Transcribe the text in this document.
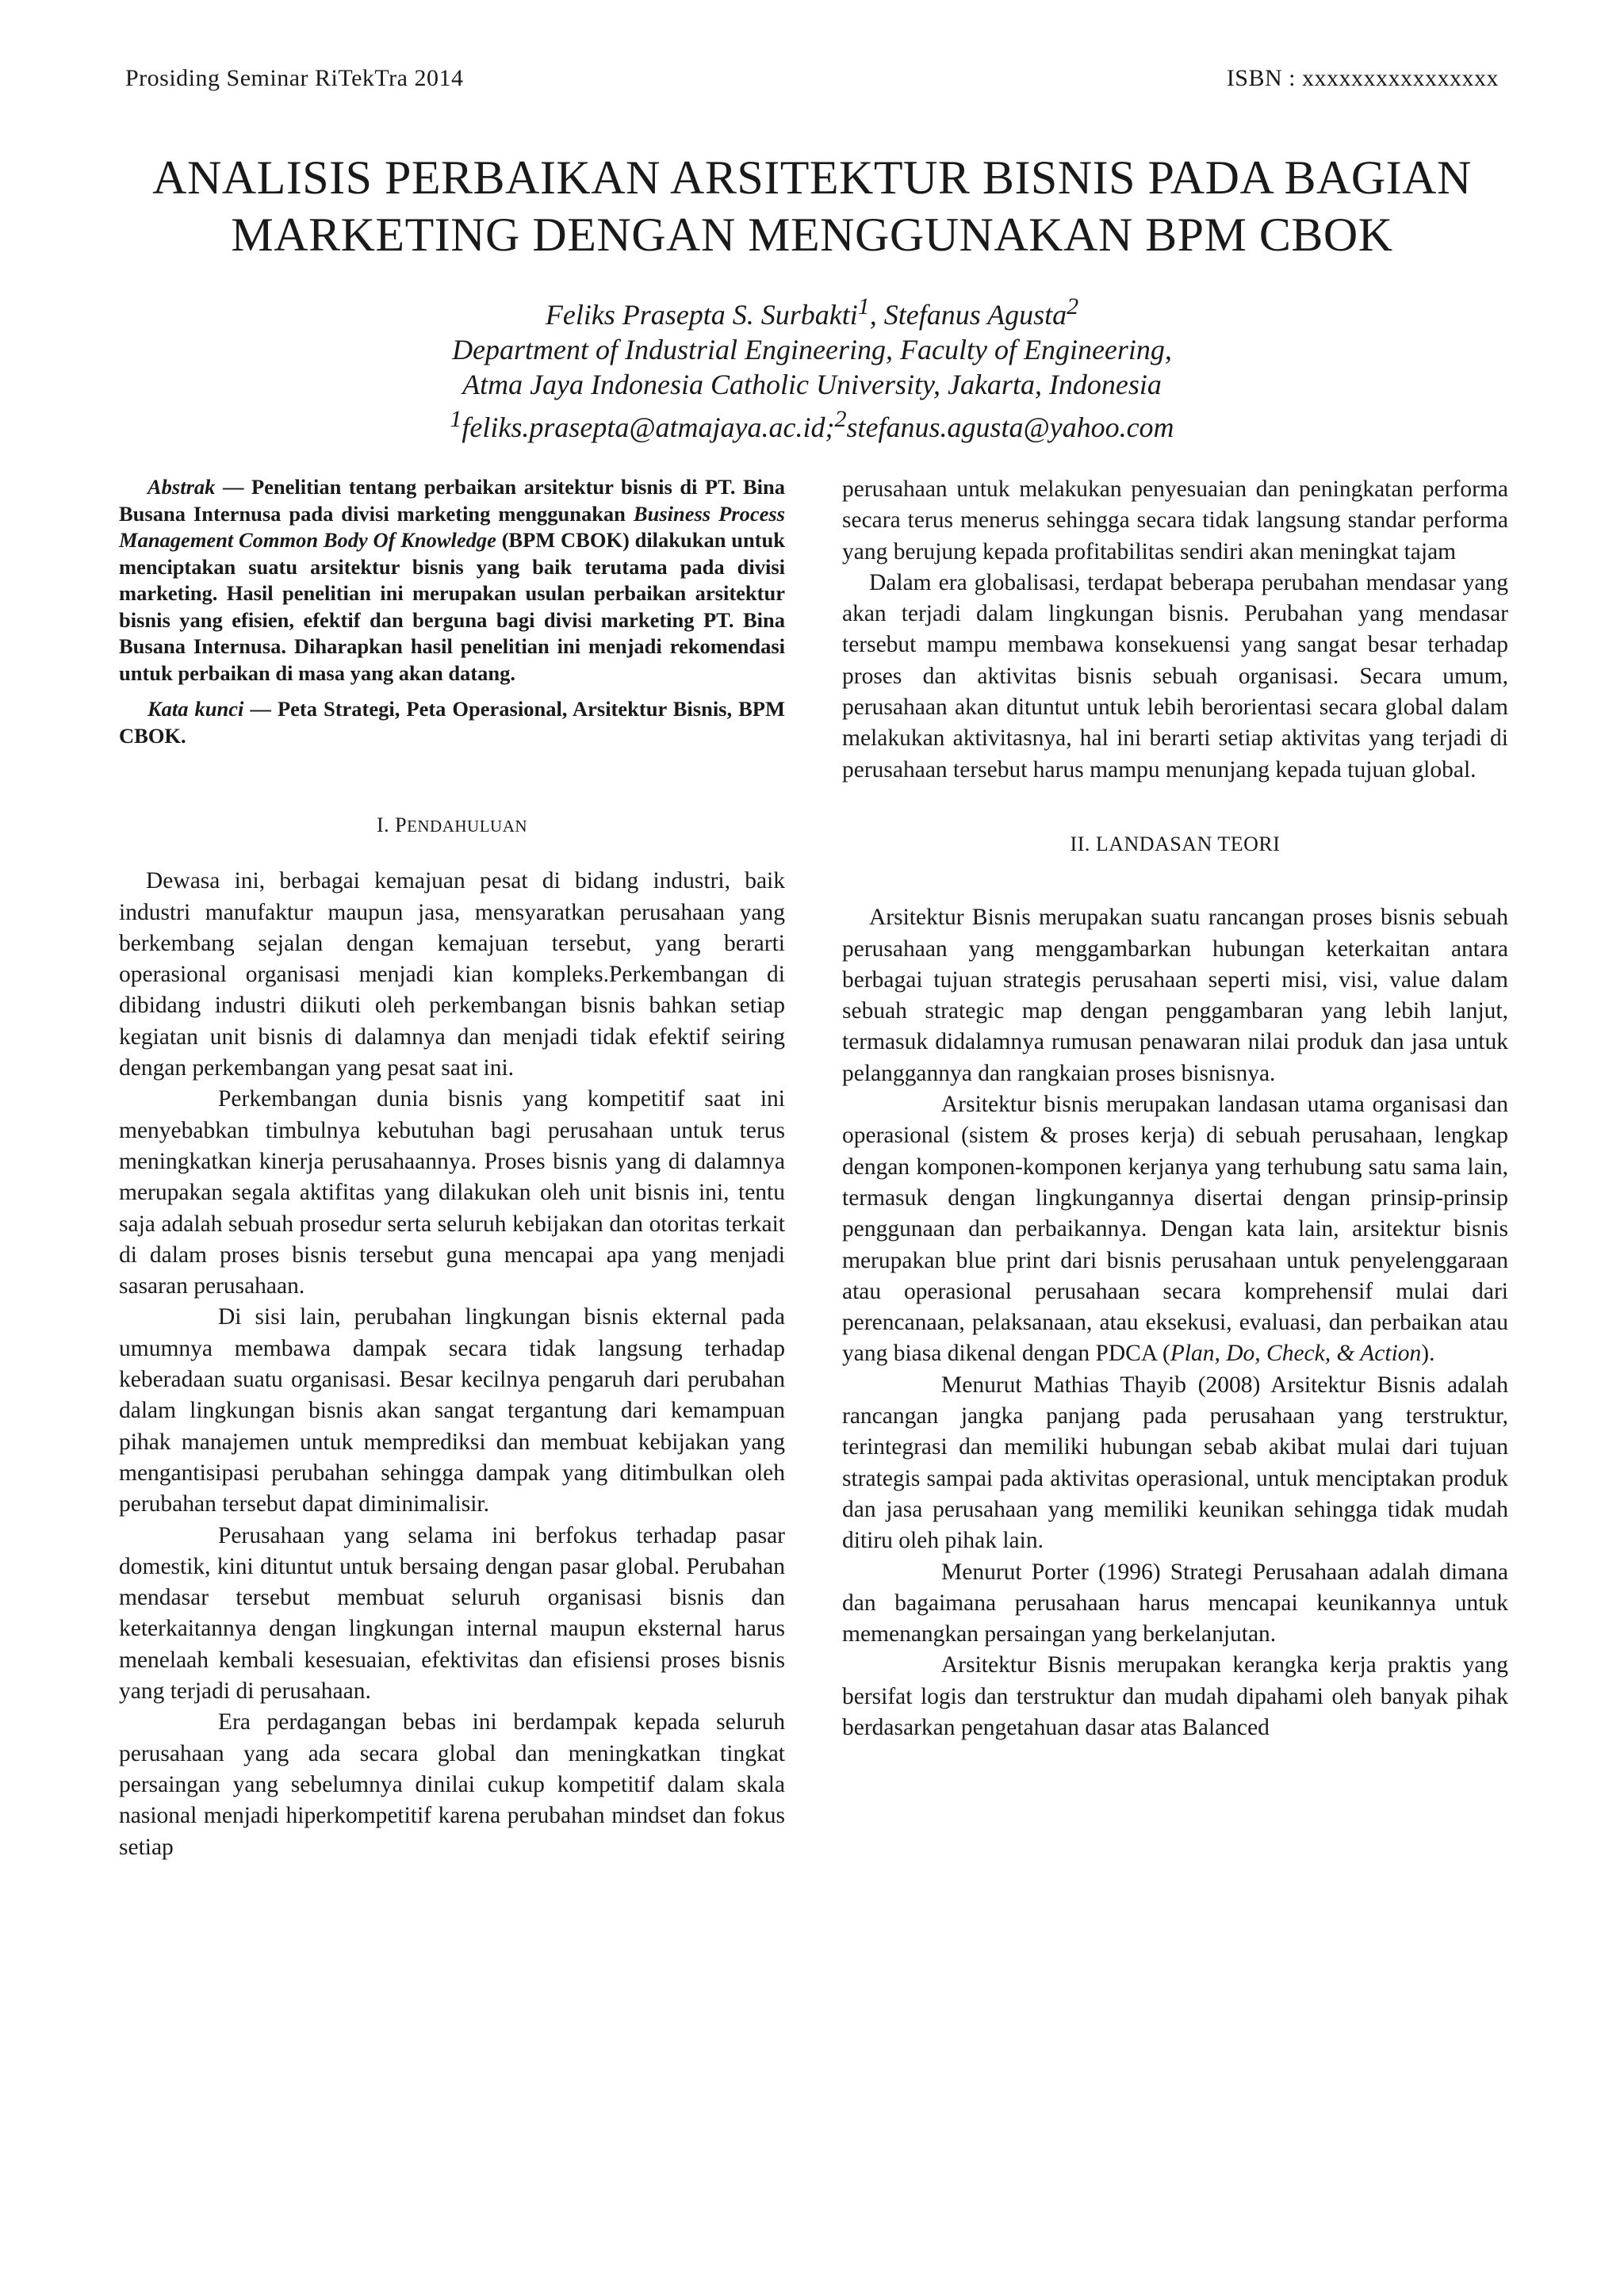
Prosiding Seminar RiTekTra 2014	ISBN : xxxxxxxxxxxxxxxx
ANALISIS PERBAIKAN ARSITEKTUR BISNIS PADA BAGIAN
MARKETING DENGAN MENGGUNAKAN BPM CBOK
Feliks Prasepta S. Surbakti$^1$, Stefanus Agusta$^2$
Department of Industrial Engineering, Faculty of Engineering,
Atma Jaya Indonesia Catholic University, Jakarta, Indonesia
$^1$feliks.prasepta@atmajaya.ac.id;$^2$stefanus.agusta@yahoo.com

Abstrak — Penelitian tentang perbaikan arsitektur bisnis di PT. Bina Busana Internusa pada divisi marketing menggunakan Business Process Management Common Body Of Knowledge (BPM CBOK) dilakukan untuk menciptakan suatu arsitektur bisnis yang baik terutama pada divisi marketing. Hasil penelitian ini merupakan usulan perbaikan arsitektur bisnis yang efisien, efektif dan berguna bagi divisi marketing PT. Bina Busana Internusa. Diharapkan hasil penelitian ini menjadi rekomendasi untuk perbaikan di masa yang akan datang.

Kata kunci — Peta Strategi, Peta Operasional, Arsitektur Bisnis, BPM CBOK.

I. PENDAHULUAN

Dewasa ini, berbagai kemajuan pesat di bidang industri, baik industri manufaktur maupun jasa, mensyaratkan perusahaan yang berkembang sejalan dengan kemajuan tersebut, yang berarti operasional organisasi menjadi kian kompleks.Perkembangan di dibidang industri diikuti oleh perkembangan bisnis bahkan setiap kegiatan unit bisnis di dalamnya dan menjadi tidak efektif seiring dengan perkembangan yang pesat saat ini.

Perkembangan dunia bisnis yang kompetitif saat ini menyebabkan timbulnya kebutuhan bagi perusahaan untuk terus meningkatkan kinerja perusahaannya. Proses bisnis yang di dalamnya merupakan segala aktifitas yang dilakukan oleh unit bisnis ini, tentu saja adalah sebuah prosedur serta seluruh kebijakan dan otoritas terkait di dalam proses bisnis tersebut guna mencapai apa yang menjadi sasaran perusahaan.

Di sisi lain, perubahan lingkungan bisnis ekternal pada umumnya membawa dampak secara tidak langsung terhadap keberadaan suatu organisasi. Besar kecilnya pengaruh dari perubahan dalam lingkungan bisnis akan sangat tergantung dari kemampuan pihak manajemen untuk memprediksi dan membuat kebijakan yang mengantisipasi perubahan sehingga dampak yang ditimbulkan oleh perubahan tersebut dapat diminimalisir.

Perusahaan yang selama ini berfokus terhadap pasar domestik, kini dituntut untuk bersaing dengan pasar global. Perubahan mendasar tersebut membuat seluruh organisasi bisnis dan keterkaitannya dengan lingkungan internal maupun eksternal harus menelaah kembali kesesuaian, efektivitas dan efisiensi proses bisnis yang terjadi di perusahaan.

Era perdagangan bebas ini berdampak kepada seluruh perusahaan yang ada secara global dan meningkatkan tingkat persaingan yang sebelumnya dinilai cukup kompetitif dalam skala nasional menjadi hiperkompetitif karena perubahan mindset dan fokus setiap

perusahaan untuk melakukan penyesuaian dan peningkatan performa secara terus menerus sehingga secara tidak langsung standar performa yang berujung kepada profitabilitas sendiri akan meningkat tajam

Dalam era globalisasi, terdapat beberapa perubahan mendasar yang akan terjadi dalam lingkungan bisnis. Perubahan yang mendasar tersebut mampu membawa konsekuensi yang sangat besar terhadap proses dan aktivitas bisnis sebuah organisasi. Secara umum, perusahaan akan dituntut untuk lebih berorientasi secara global dalam melakukan aktivitasnya, hal ini berarti setiap aktivitas yang terjadi di perusahaan tersebut harus mampu menunjang kepada tujuan global.

II. LANDASAN TEORI

Arsitektur Bisnis merupakan suatu rancangan proses bisnis sebuah perusahaan yang menggambarkan hubungan keterkaitan antara berbagai tujuan strategis perusahaan seperti misi, visi, value dalam sebuah strategic map dengan penggambaran yang lebih lanjut, termasuk didalamnya rumusan penawaran nilai produk dan jasa untuk pelanggannya dan rangkaian proses bisnisnya.

Arsitektur bisnis merupakan landasan utama organisasi dan operasional (sistem & proses kerja) di sebuah perusahaan, lengkap dengan komponen-komponen kerjanya yang terhubung satu sama lain, termasuk dengan lingkungannya disertai dengan prinsip-prinsip penggunaan dan perbaikannya. Dengan kata lain, arsitektur bisnis merupakan blue print dari bisnis perusahaan untuk penyelenggaraan atau operasional perusahaan secara komprehensif mulai dari perencanaan, pelaksanaan, atau eksekusi, evaluasi, dan perbaikan atau yang biasa dikenal dengan PDCA (Plan, Do, Check, & Action).

Menurut Mathias Thayib (2008) Arsitektur Bisnis adalah rancangan jangka panjang pada perusahaan yang terstruktur, terintegrasi dan memiliki hubungan sebab akibat mulai dari tujuan strategis sampai pada aktivitas operasional, untuk menciptakan produk dan jasa perusahaan yang memiliki keunikan sehingga tidak mudah ditiru oleh pihak lain.

Menurut Porter (1996) Strategi Perusahaan adalah dimana dan bagaimana perusahaan harus mencapai keunikannya untuk memenangkan persaingan yang berkelanjutan.

Arsitektur Bisnis merupakan kerangka kerja praktis yang bersifat logis dan terstruktur dan mudah dipahami oleh banyak pihak berdasarkan pengetahuan dasar atas Balanced
